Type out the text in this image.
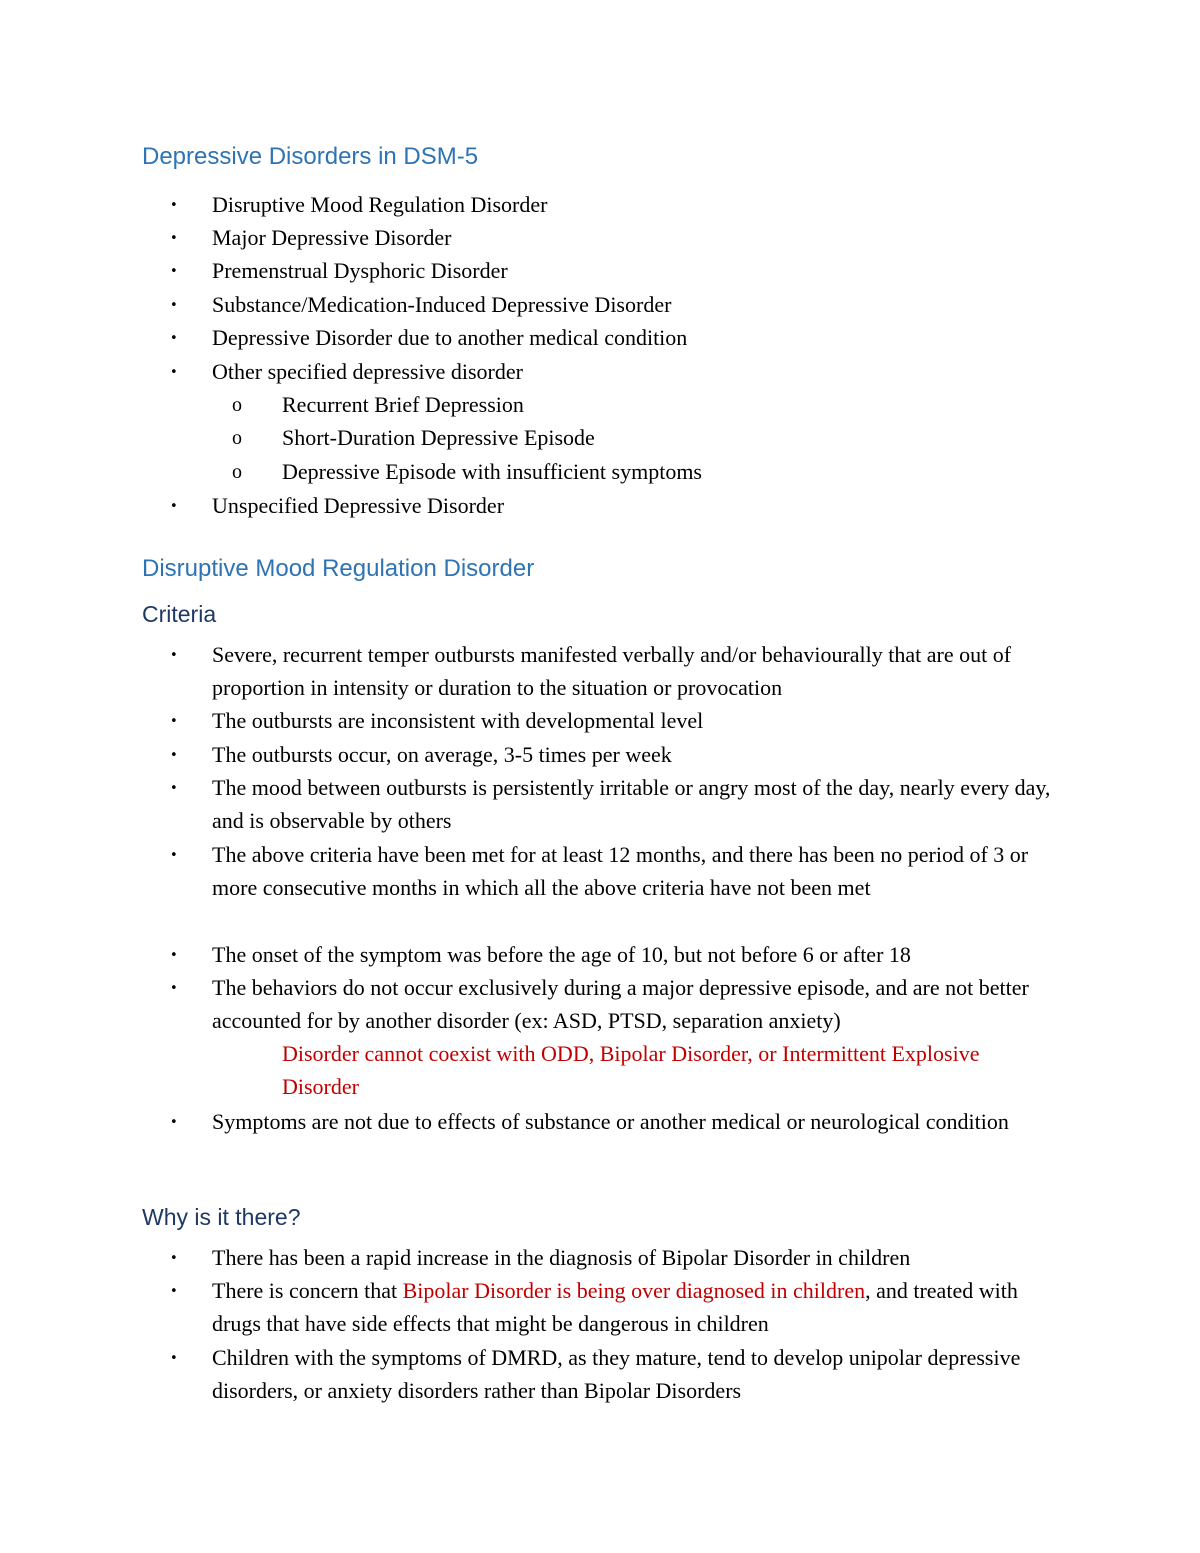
Depressive Disorders in DSM-5
• Disruptive Mood Regulation Disorder

• Major Depressive Disorder

• Premenstrual Dysphoric Disorder

• Substance/Medication-Induced Depressive Disorder

• Depressive Disorder due to another medical condition

• Other specified depressive disorder

o Recurrent Brief Depression

o Short-Duration Depressive Episode

o Depressive Episode with insufficient symptoms

• Unspecified Depressive Disorder

Disruptive Mood Regulation Disorder
Criteria
• Severe, recurrent temper outbursts manifested verbally and/or behaviourally that are out of proportion in intensity or duration to the situation or provocation

• The outbursts are inconsistent with developmental level

• The outbursts occur, on average, 3-5 times per week

• The mood between outbursts is persistently irritable or angry most of the day, nearly every day, and is observable by others

• The above criteria have been met for at least 12 months, and there has been no period of 3 or more consecutive months in which all the above criteria have not been met

• The onset of the symptom was before the age of 10, but not before 6 or after 18

• The behaviors do not occur exclusively during a major depressive episode, and are not better accounted for by another disorder (ex: ASD, PTSD, separation anxiety)

Disorder cannot coexist with ODD, Bipolar Disorder, or Intermittent Explosive Disorder

• Symptoms are not due to effects of substance or another medical or neurological condition

Why is it there?
• There has been a rapid increase in the diagnosis of Bipolar Disorder in children

• There is concern that Bipolar Disorder is being over diagnosed in children, and treated with drugs that have side effects that might be dangerous in children

• Children with the symptoms of DMRD, as they mature, tend to develop unipolar depressive disorders, or anxiety disorders rather than Bipolar Disorders
